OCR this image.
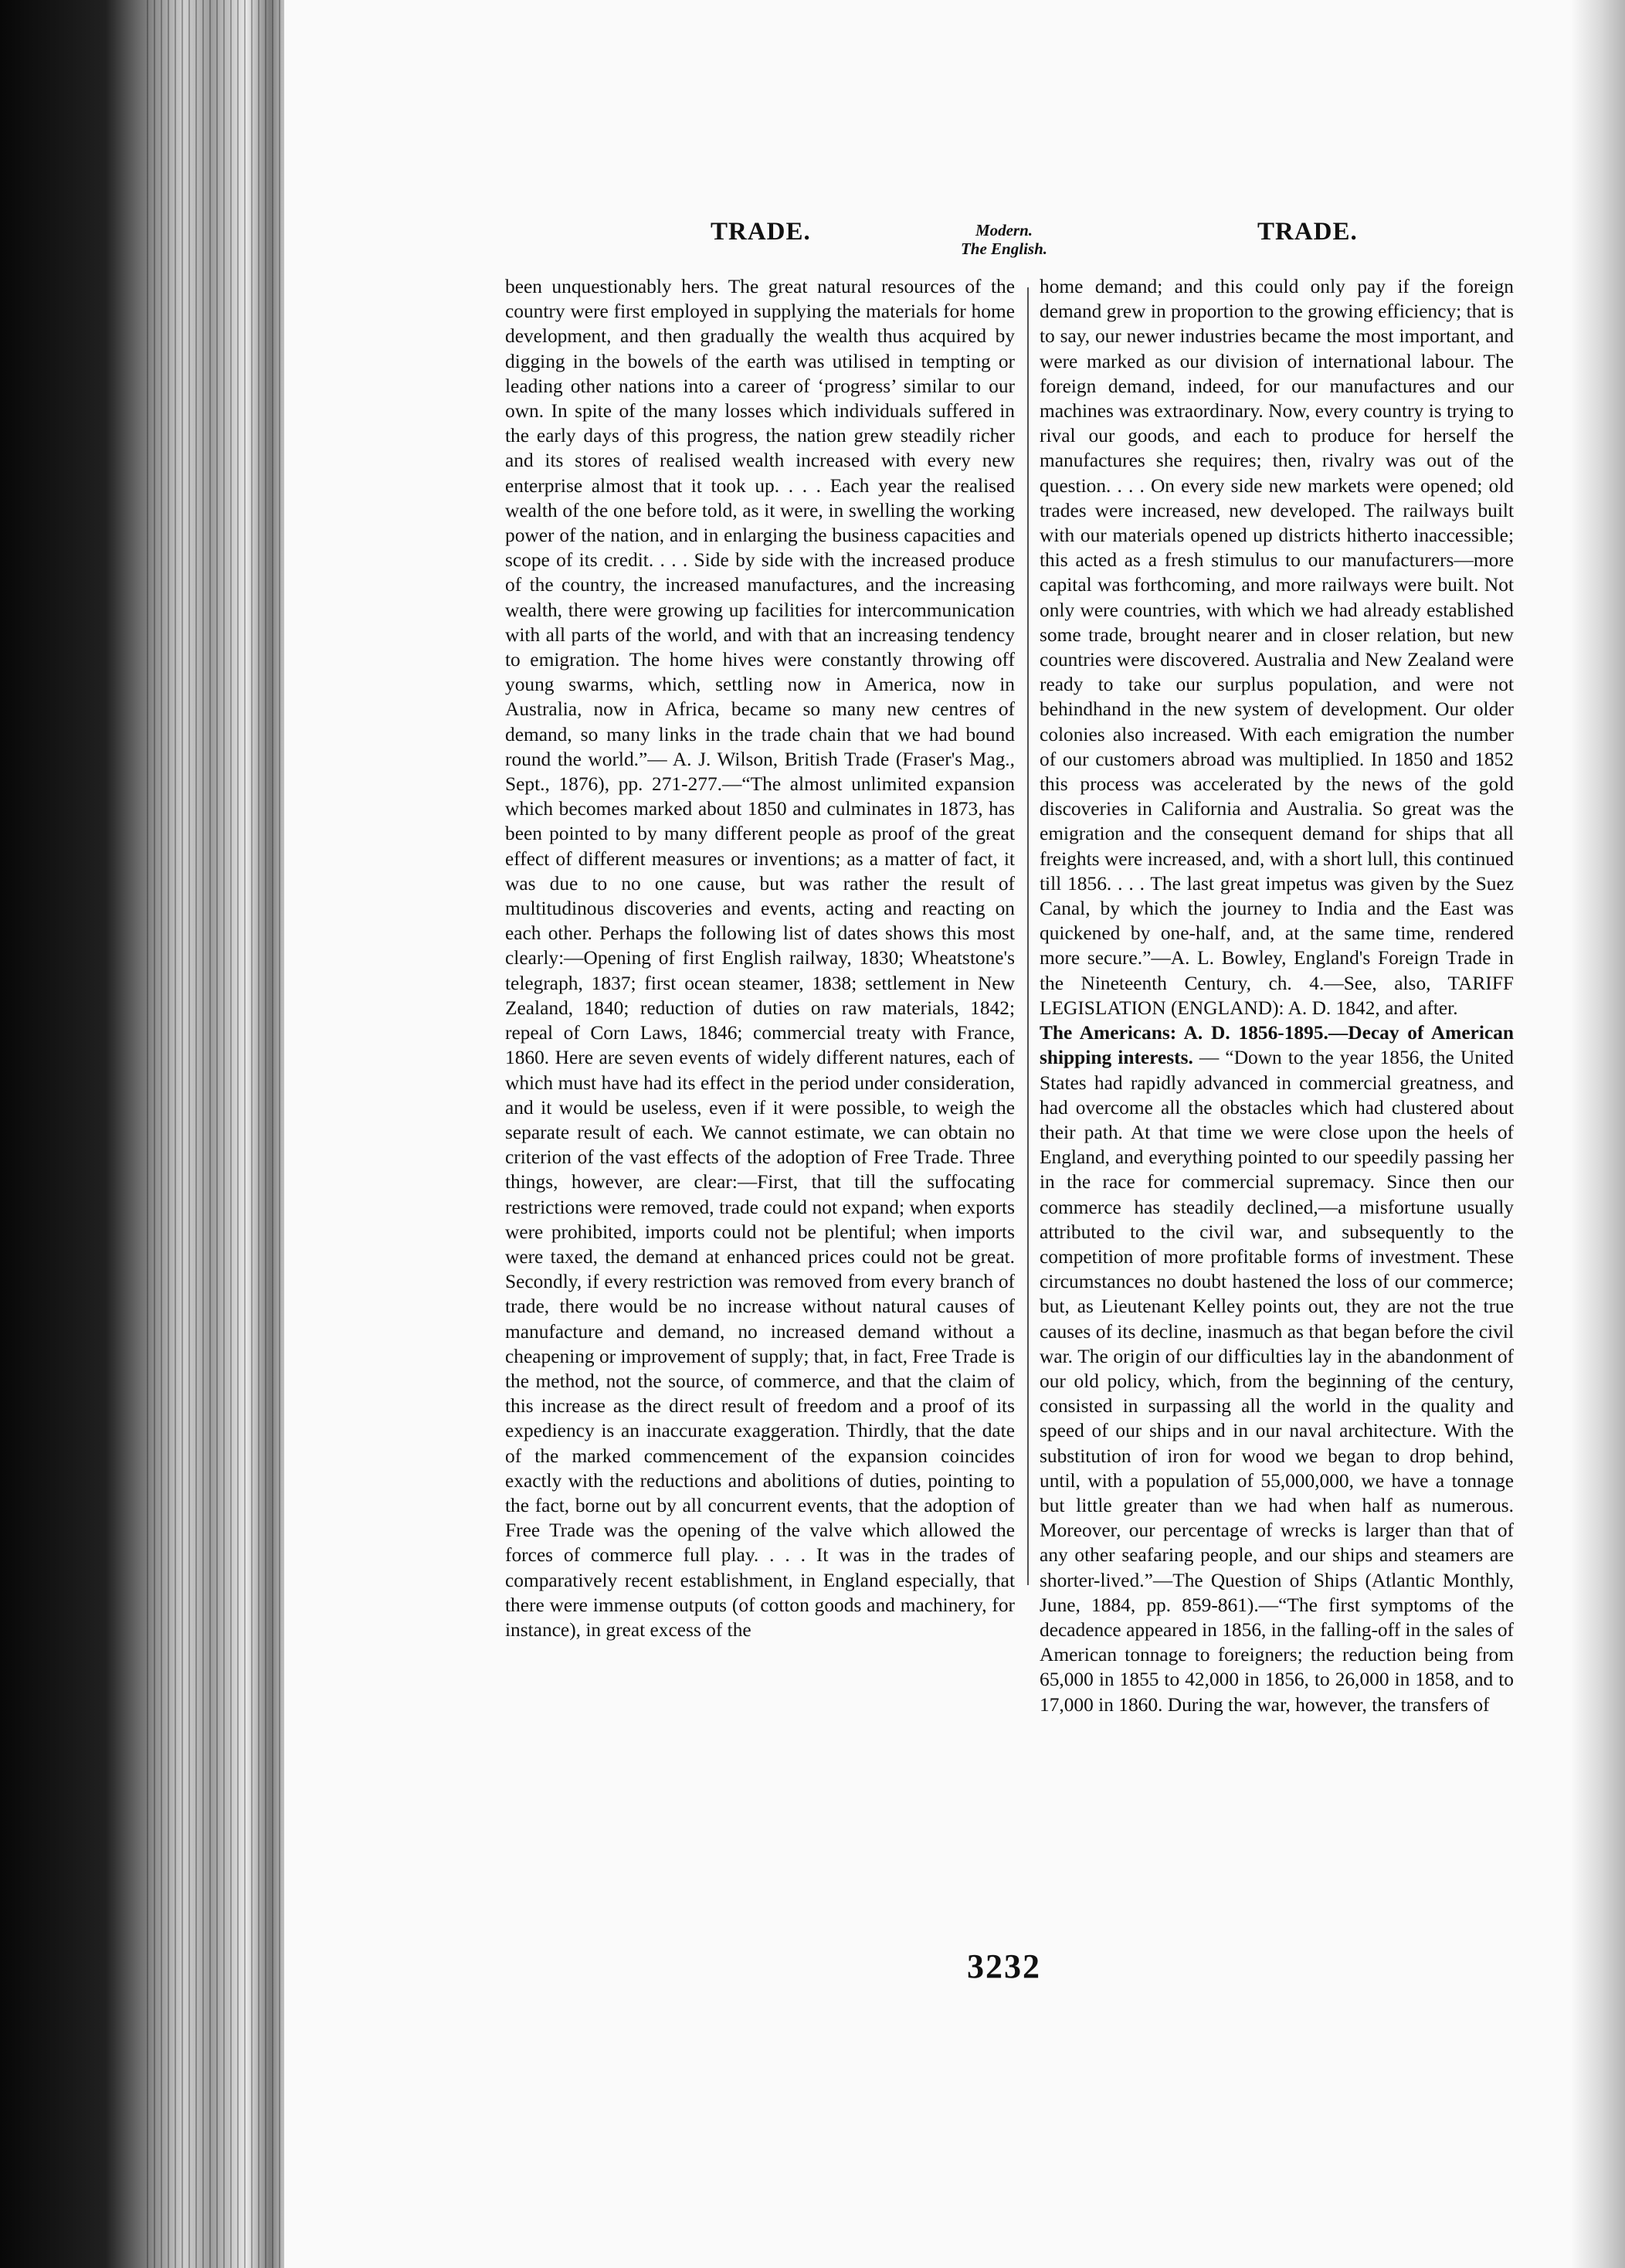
TRADE.	Modern.
The English.
TRADE.

been unquestionably hers. The great natural resources of the country were first employed in supplying the materials for home development, and then gradually the wealth thus acquired by digging in the bowels of the earth was utilised in tempting or leading other nations into a career of ‘progress’ similar to our own. In spite of the many losses which individuals suffered in the early days of this progress, the nation grew steadily richer and its stores of realised wealth increased with every new enterprise almost that it took up. . . . Each year the realised wealth of the one before told, as it were, in swelling the working power of the nation, and in enlarging the business capacities and scope of its credit. . . . Side by side with the increased produce of the country, the increased manufactures, and the increasing wealth, there were growing up facilities for intercommunication with all parts of the world, and with that an increasing tendency to emigration. The home hives were constantly throwing off young swarms, which, settling now in America, now in Australia, now in Africa, became so many new centres of demand, so many links in the trade chain that we had bound round the world.”— A. J. Wilson, British Trade (Fraser's Mag., Sept., 1876), pp. 271-277.—“The almost unlimited expansion which becomes marked about 1850 and culminates in 1873, has been pointed to by many different people as proof of the great effect of different measures or inventions; as a matter of fact, it was due to no one cause, but was rather the result of multitudinous discoveries and events, acting and reacting on each other. Perhaps the following list of dates shows this most clearly:—Opening of first English railway, 1830; Wheatstone's telegraph, 1837; first ocean steamer, 1838; settlement in New Zealand, 1840; reduction of duties on raw materials, 1842; repeal of Corn Laws, 1846; commercial treaty with France, 1860. Here are seven events of widely different natures, each of which must have had its effect in the period under consideration, and it would be useless, even if it were possible, to weigh the separate result of each. We cannot estimate, we can obtain no criterion of the vast effects of the adoption of Free Trade. Three things, however, are clear:—First, that till the suffocating restrictions were removed, trade could not expand; when exports were prohibited, imports could not be plentiful; when imports were taxed, the demand at enhanced prices could not be great. Secondly, if every restriction was removed from every branch of trade, there would be no increase without natural causes of manufacture and demand, no increased demand without a cheapening or improvement of supply; that, in fact, Free Trade is the method, not the source, of commerce, and that the claim of this increase as the direct result of freedom and a proof of its expediency is an inaccurate exaggeration. Thirdly, that the date of the marked commencement of the expansion coincides exactly with the reductions and abolitions of duties, pointing to the fact, borne out by all concurrent events, that the adoption of Free Trade was the opening of the valve which allowed the forces of commerce full play. . . . It was in the trades of comparatively recent establishment, in England especially, that there were immense outputs (of cotton goods and machinery, for instance), in great excess of the

home demand; and this could only pay if the foreign demand grew in proportion to the growing efficiency; that is to say, our newer industries became the most important, and were marked as our division of international labour. The foreign demand, indeed, for our manufactures and our machines was extraordinary. Now, every country is trying to rival our goods, and each to produce for herself the manufactures she requires; then, rivalry was out of the question. . . . On every side new markets were opened; old trades were increased, new developed. The railways built with our materials opened up districts hitherto inaccessible; this acted as a fresh stimulus to our manufacturers—more capital was forthcoming, and more railways were built. Not only were countries, with which we had already established some trade, brought nearer and in closer relation, but new countries were discovered. Australia and New Zealand were ready to take our surplus population, and were not behindhand in the new system of development. Our older colonies also increased. With each emigration the number of our customers abroad was multiplied. In 1850 and 1852 this process was accelerated by the news of the gold discoveries in California and Australia. So great was the emigration and the consequent demand for ships that all freights were increased, and, with a short lull, this continued till 1856. . . . The last great impetus was given by the Suez Canal, by which the journey to India and the East was quickened by one-half, and, at the same time, rendered more secure.”—A. L. Bowley, England's Foreign Trade in the Nineteenth Century, ch. 4.—See, also, TARIFF LEGISLATION (ENGLAND): A. D. 1842, and after.

The Americans: A. D. 1856-1895.—Decay of American shipping interests. — “Down to the year 1856, the United States had rapidly advanced in commercial greatness, and had overcome all the obstacles which had clustered about their path. At that time we were close upon the heels of England, and everything pointed to our speedily passing her in the race for commercial supremacy. Since then our commerce has steadily declined,—a misfortune usually attributed to the civil war, and subsequently to the competition of more profitable forms of investment. These circumstances no doubt hastened the loss of our commerce; but, as Lieutenant Kelley points out, they are not the true causes of its decline, inasmuch as that began before the civil war. The origin of our difficulties lay in the abandonment of our old policy, which, from the beginning of the century, consisted in surpassing all the world in the quality and speed of our ships and in our naval architecture. With the substitution of iron for wood we began to drop behind, until, with a population of 55,000,000, we have a tonnage but little greater than we had when half as numerous. Moreover, our percentage of wrecks is larger than that of any other seafaring people, and our ships and steamers are shorter-lived.”—The Question of Ships (Atlantic Monthly, June, 1884, pp. 859-861).—“The first symptoms of the decadence appeared in 1856, in the falling-off in the sales of American tonnage to foreigners; the reduction being from 65,000 in 1855 to 42,000 in 1856, to 26,000 in 1858, and to 17,000 in 1860. During the war, however, the transfers of

3232
